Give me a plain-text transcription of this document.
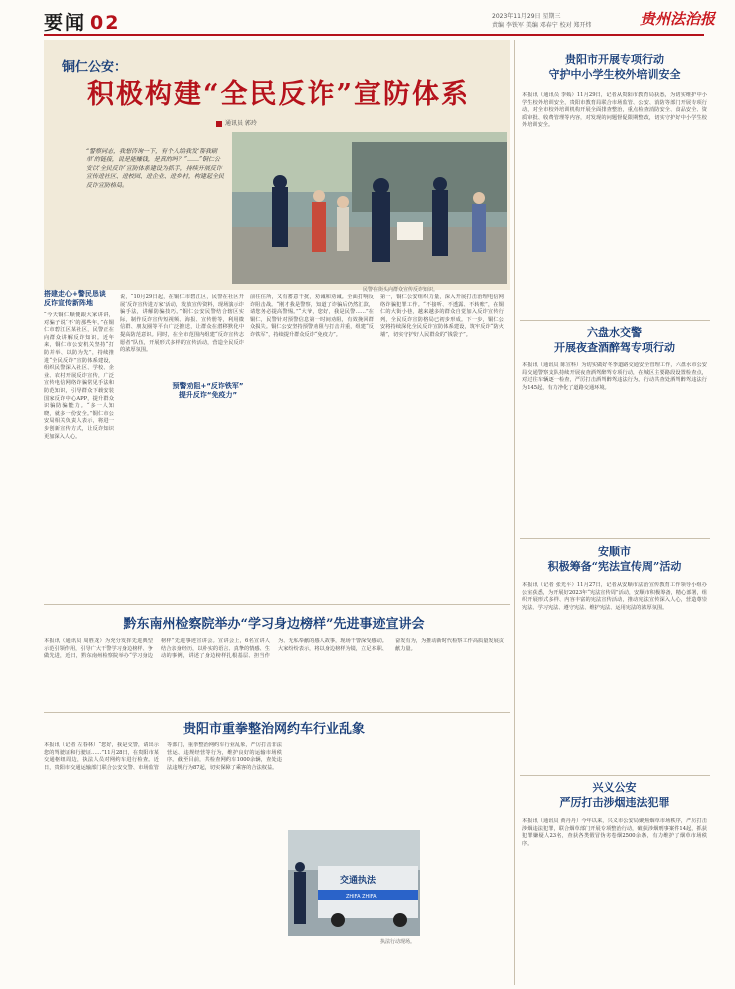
要闻 02	2023年11月29日 星期三
责编 李铁军 美编 邓春宁 校对 郑开炜	贵州法治报
铜仁公安：
积极构建“全民反诈”宣防体系
通讯员 郭玲
“警察同志，我想咨询一下，有个人给我发‘帮我刷单’的链接，说是能赚钱，是真的吗？”……”铜仁公安以‘全民反诈’宣防体系建设为抓手，持续开展反诈宣传进社区、进校园、进企业、进乡村，构建起全民反诈宣防格局。
民警在街头向群众宣传反诈知识。
搭建走心+警民恳谈反诈宣传新阵地
“今天铜仁顺便跟大家讲讲，对骗子说‘不’的那些年。”在铜仁市碧江区某社区，民警正在向群众讲解反诈知识。近年来，铜仁市公安机关坚持“打防并举、以防为先”，持续推进“全民反诈”宣防体系建设，组织民警深入社区、学校、企业、农村开展反诈宣传，广泛宣传电信网络诈骗常见手法和防范知识，引导群众下载安装国家反诈中心APP，提升群众识骗防骗能力。“多一人知晓，就多一份安全。”铜仁市公安局相关负责人表示，将进一步创新宣传方式，让反诈知识更加深入人心。
说，“10月29日起，在铜仁市碧江区，民警在社区开展‘反诈宣传进万家’活动，发放宣传资料，现场演示诈骗手法，讲解防骗技巧。”铜仁公安民警结合辖区实际，制作反诈宣传短视频、海报、宣传册等，利用微信群、朋友圈等平台广泛推送，让群众在潜移默化中提高防范意识。同时，在全市范围内组建“反诈宣传志愿者”队伍，开展形式多样的宣传活动，营造全民反诈的浓厚氛围。
预警劝阻+“反诈铁军”
提升反诈“免疫力”
前往住所，又有蓄意干扰，劝诫和劝诫。全面打响反诈阻击战。“刚才我是警察，知道了诈骗后仍然汇款，请您务必提高警惕。”“大爷，您好，我是民警……”在铜仁，民警针对预警信息第一时间劝阻，有效挽回群众损失。铜仁公安坚持预警劝阻与打击并重，组建“反诈铁军”，持续提升群众反诈“免疫力”。
第一，铜仁公安组织力量，深入开展打击治理电信网络诈骗犯罪工作。“不接听、不透露、不转账”，在铜仁的大街小巷，越来越多的群众自觉加入反诈宣传行列，全民反诈宣防格局已初步形成。下一步，铜仁公安将持续深化全民反诈宣防体系建设，筑牢反诈“防火墙”，切实守护好人民群众的“钱袋子”。
贵阳市开展专项行动
守护中小学生校外培训安全
本报讯（通讯员 李嫣）11月29日，记者从贵阳市教育局获悉，为切实维护中小学生校外培训安全，贵阳市教育局联合市场监管、公安、消防等部门开展专项行动，对全市校外培训机构开展全面排查整治，重点检查消防安全、食品安全、资质审批、收费管理等内容，对发现的问题督促限期整改，切实守护好中小学生校外培训安全。
六盘水交警
开展夜查酒醉驾专项行动
本报讯（通讯员 陈宣科）为切实做好冬季道路交通安全管理工作，六盘水市公安局交通警察支队持续开展夜查酒驾醉驾专项行动，在城区主要路段设置检查点，对过往车辆逐一检查，严厉打击酒驾醉驾违法行为。行动共查处酒驾醉驾违法行为145起，有力净化了道路交通环境。
安顺市
积极筹备“宪法宣传周”活动
本报讯（记者 张光平）11月27日，记者从安顺市法治宣传教育工作领导小组办公室获悉，为开展好2023年“宪法宣传周”活动，安顺市积极筹备，精心部署，组织开展形式多样、内容丰富的宪法宣传活动，推动宪法宣传深入人心，营造尊崇宪法、学习宪法、遵守宪法、维护宪法、运用宪法的浓厚氛围。
兴义公安
严厉打击涉烟违法犯罪
本报讯（通讯员 黄丹丹）今年以来，兴义市公安局聚焦烟草市场秩序，严厉打击涉烟违法犯罪，联合烟草部门开展专项整治行动，破获涉烟刑事案件14起，抓获犯罪嫌疑人23名，查获各类假冒伪劣卷烟2500余条，有力维护了烟草市场秩序。
黔东南州检察院举办“学习身边榜样”先进事迹宣讲会
本报讯（通讯员 周胜龙）为充分发挥先进典型示范引领作用，引导广大干警学习身边榜样、争做先进，近日，黔东南州检察院举办“学习身边榜样”先进事迹宣讲会。宣讲会上，6名宣讲人结合亲身经历，以朴实的语言、真挚的情感、生动的事例，讲述了身边榜样扎根基层、担当作为、无私奉献的感人故事，现场干警深受感动。大家纷纷表示，将以身边榜样为镜，立足本职、奋发有为，为推动新时代检察工作高质量发展贡献力量。
贵阳市重拳整治网约车行业乱象
本报讯（记者 左春林）“您好，我是交警，请出示您的驾驶证和行驶证……”11月28日，在贵阳市某交通枢纽周边，执法人员对网约车进行检查。近日，贵阳市交通运输部门联合公安交警、市场监管等部门，重拳整治网约车行业乱象，严厉打击非法营运、违规经营等行为，维护良好的运输市场秩序。截至目前，共检查网约车1000余辆，查处违法违规行为87起，切实保障了乘客的合法权益。
交通执法
ZHIFA ZHIFA
执法行动现场。
